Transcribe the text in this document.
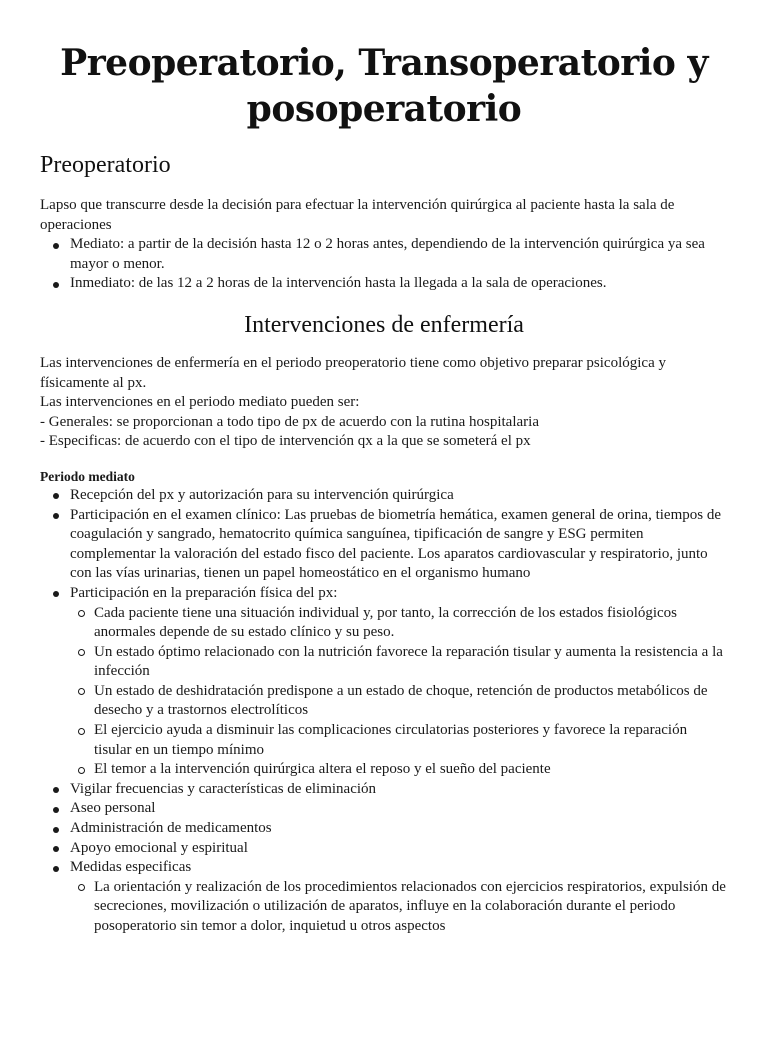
Preoperatorio, Transoperatorio y posoperatorio
Preoperatorio

Lapso que transcurre desde la decisión para efectuar la intervención quirúrgica al paciente hasta la sala de operaciones

Mediato: a partir de la decisión hasta 12 o 2 horas antes, dependiendo de la intervención quirúrgica ya sea mayor o menor.
Inmediato: de las 12 a 2 horas de la intervención hasta la llegada a la sala de operaciones.
Intervenciones de enfermería

Las intervenciones de enfermería en el periodo preoperatorio tiene como objetivo preparar psicológica y físicamente al px.

Las intervenciones en el periodo mediato pueden ser:

- Generales: se proporcionan a todo tipo de px de acuerdo con la rutina hospitalaria

- Especificas: de acuerdo con el tipo de intervención qx a la que se someterá el px

Periodo mediato

Recepción del px y autorización para su intervención quirúrgica
Participación en el examen clínico: Las pruebas de biometría hemática, examen general de orina, tiempos de coagulación y sangrado, hematocrito química sanguínea, tipificación de sangre y ESG permiten complementar la valoración del estado fisco del paciente. Los aparatos cardiovascular y respiratorio, junto con las vías urinarias, tienen un papel homeostático en el organismo humano
Participación en la preparación física del px:
Cada paciente tiene una situación individual y, por tanto, la corrección de los estados fisiológicos anormales depende de su estado clínico y su peso.
Un estado óptimo relacionado con la nutrición favorece la reparación tisular y aumenta la resistencia a la infección
Un estado de deshidratación predispone a un estado de choque, retención de productos metabólicos de desecho y a trastornos electrolíticos
El ejercicio ayuda a disminuir las complicaciones circulatorias posteriores y favorece la reparación tisular en un tiempo mínimo
El temor a la intervención quirúrgica altera el reposo y el sueño del paciente
Vigilar frecuencias y características de eliminación
Aseo personal
Administración de medicamentos
Apoyo emocional y espiritual
Medidas especificas
La orientación y realización de los procedimientos relacionados con ejercicios respiratorios, expulsión de secreciones, movilización o utilización de aparatos, influye en la colaboración durante el periodo posoperatorio sin temor a dolor, inquietud u otros aspectos
